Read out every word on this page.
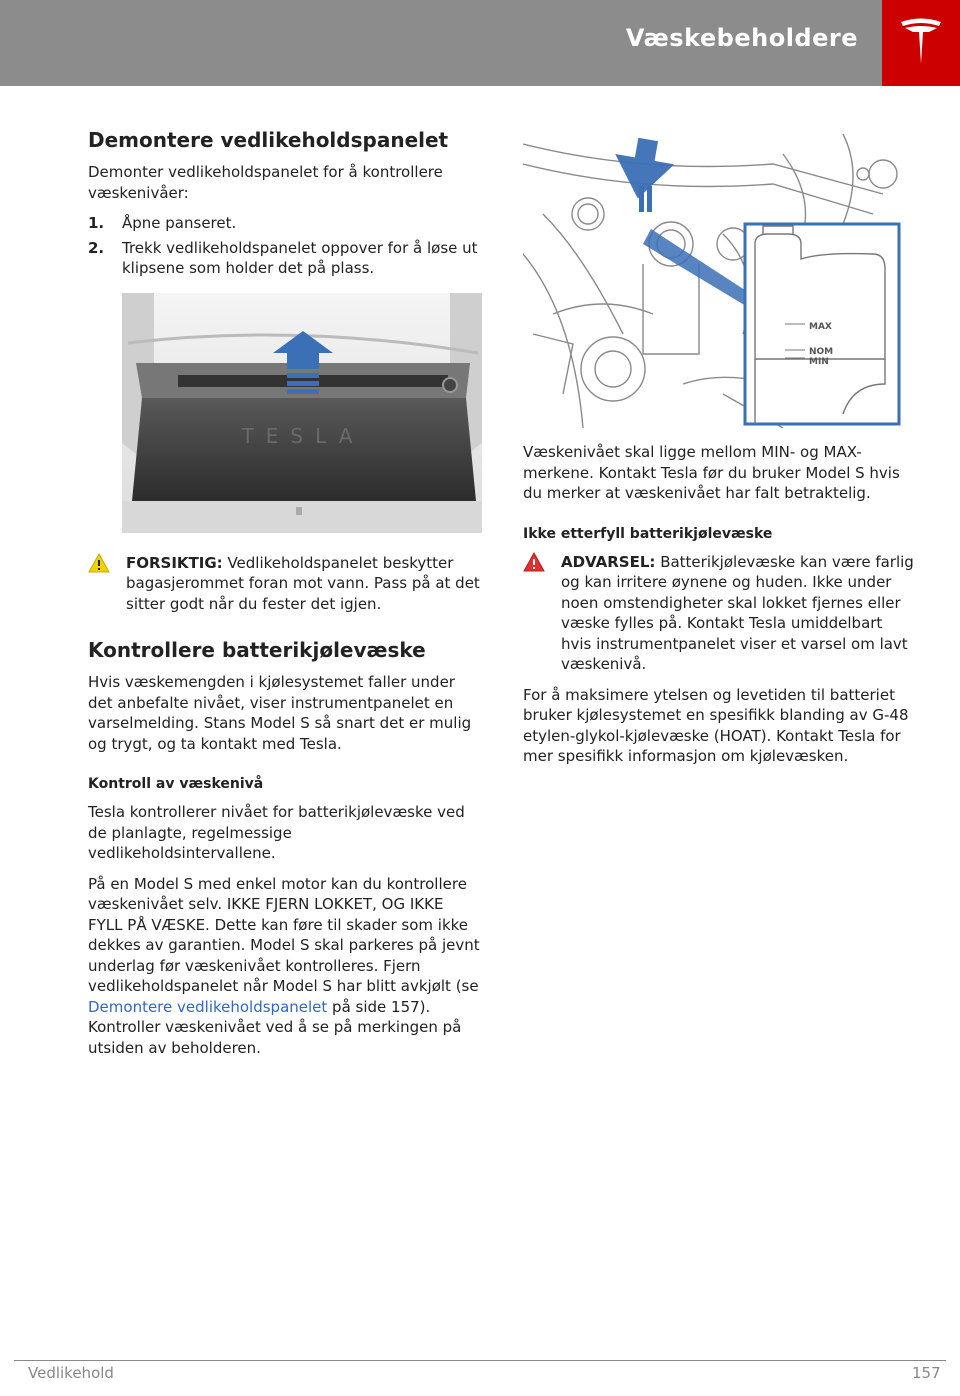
Væskebeholdere
Demontere vedlikeholdspanelet

Demonter vedlikeholdspanelet for å kontrollere væskenivåer:

1. Åpne panseret.
2. Trekk vedlikeholdspanelet oppover for å løse ut klipsene som holder det på plass.
TESLA
FORSIKTIG: Vedlikeholdspanelet beskytter bagasjerommet foran mot vann. Pass på at det sitter godt når du fester det igjen.
Kontrollere batterikjølevæske

Hvis væskemengden i kjølesystemet faller under det anbefalte nivået, viser instrumentpanelet en varselmelding. Stans Model S så snart det er mulig og trygt, og ta kontakt med Tesla.

Kontroll av væskenivå

Tesla kontrollerer nivået for batterikjølevæske ved de planlagte, regelmessige vedlikeholdsintervallene.

På en Model S med enkel motor kan du kontrollere væskenivået selv. IKKE FJERN LOKKET, OG IKKE FYLL PÅ VÆSKE. Dette kan føre til skader som ikke dekkes av garantien. Model S skal parkeres på jevnt underlag før væskenivået kontrolleres. Fjern vedlikeholdspanelet når Model S har blitt avkjølt (se Demontere vedlikeholdspanelet på side 157). Kontroller væskenivået ved å se på merkingen på utsiden av beholderen.

MAX
NOM
MIN

Væskenivået skal ligge mellom MIN- og MAX-merkene. Kontakt Tesla før du bruker Model S hvis du merker at væskenivået har falt betraktelig.

Ikke etterfyll batterikjølevæske
ADVARSEL: Batterikjølevæske kan være farlig og kan irritere øynene og huden. Ikke under noen omstendigheter skal lokket fjernes eller væske fylles på. Kontakt Tesla umiddelbart hvis instrumentpanelet viser et varsel om lavt væskenivå.

For å maksimere ytelsen og levetiden til batteriet bruker kjølesystemet en spesifikk blanding av G-48 etylen-glykol-kjølevæske (HOAT). Kontakt Tesla for mer spesifikk informasjon om kjølevæsken.

Vedlikehold	157
